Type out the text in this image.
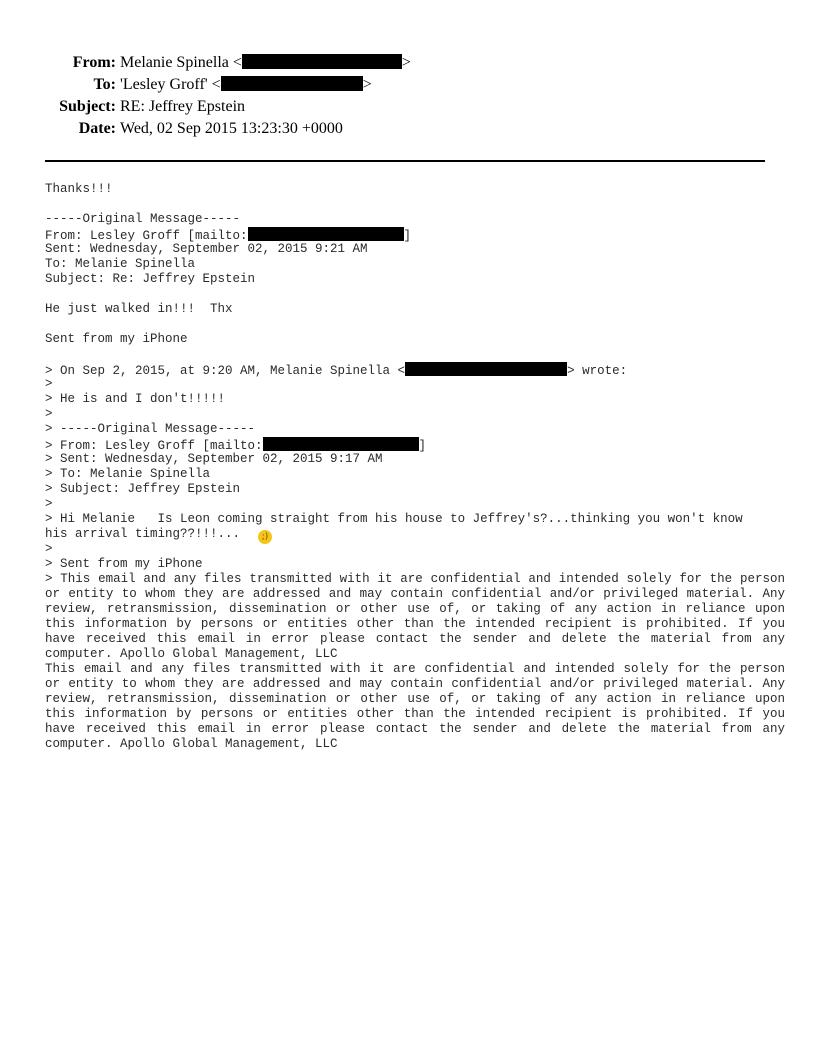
From: Melanie Spinella <	>
To: 'Lesley Groff' <	>
Subject: RE: Jeffrey Epstein
Date: Wed, 02 Sep 2015 13:23:30 +0000
Thanks!!!
-----Original Message-----
From: Lesley Groff [mailto:	]
Sent: Wednesday, September 02, 2015 9:21 AM
To: Melanie Spinella
Subject: Re: Jeffrey Epstein
He just walked in!!!  Thx
Sent from my iPhone
> On Sep 2, 2015, at 9:20 AM, Melanie Spinella <	> wrote:
>
> He is and I don't!!!!!
>
> -----Original Message-----
> From: Lesley Groff [mailto:	]
> Sent: Wednesday, September 02, 2015 9:17 AM
> To: Melanie Spinella
> Subject: Jeffrey Epstein
>
> Hi Melanie   Is Leon coming straight from his house to Jeffrey's?...thinking you won't know
his arrival timing??!!!... ;)
>
> Sent from my iPhone
> This email and any files transmitted with it are confidential and intended solely for the person or entity to whom they are addressed and may contain confidential and/or privileged material. Any review, retransmission, dissemination or other use of, or taking of any action in reliance upon this information by persons or entities other than the intended recipient is prohibited. If you have received this email in error please contact the sender and delete the material from any computer. Apollo Global Management, LLC
This email and any files transmitted with it are confidential and intended solely for the person or entity to whom they are addressed and may contain confidential and/or privileged material. Any review, retransmission, dissemination or other use of, or taking of any action in reliance upon this information by persons or entities other than the intended recipient is prohibited. If you have received this email in error please contact the sender and delete the material from any computer. Apollo Global Management, LLC
